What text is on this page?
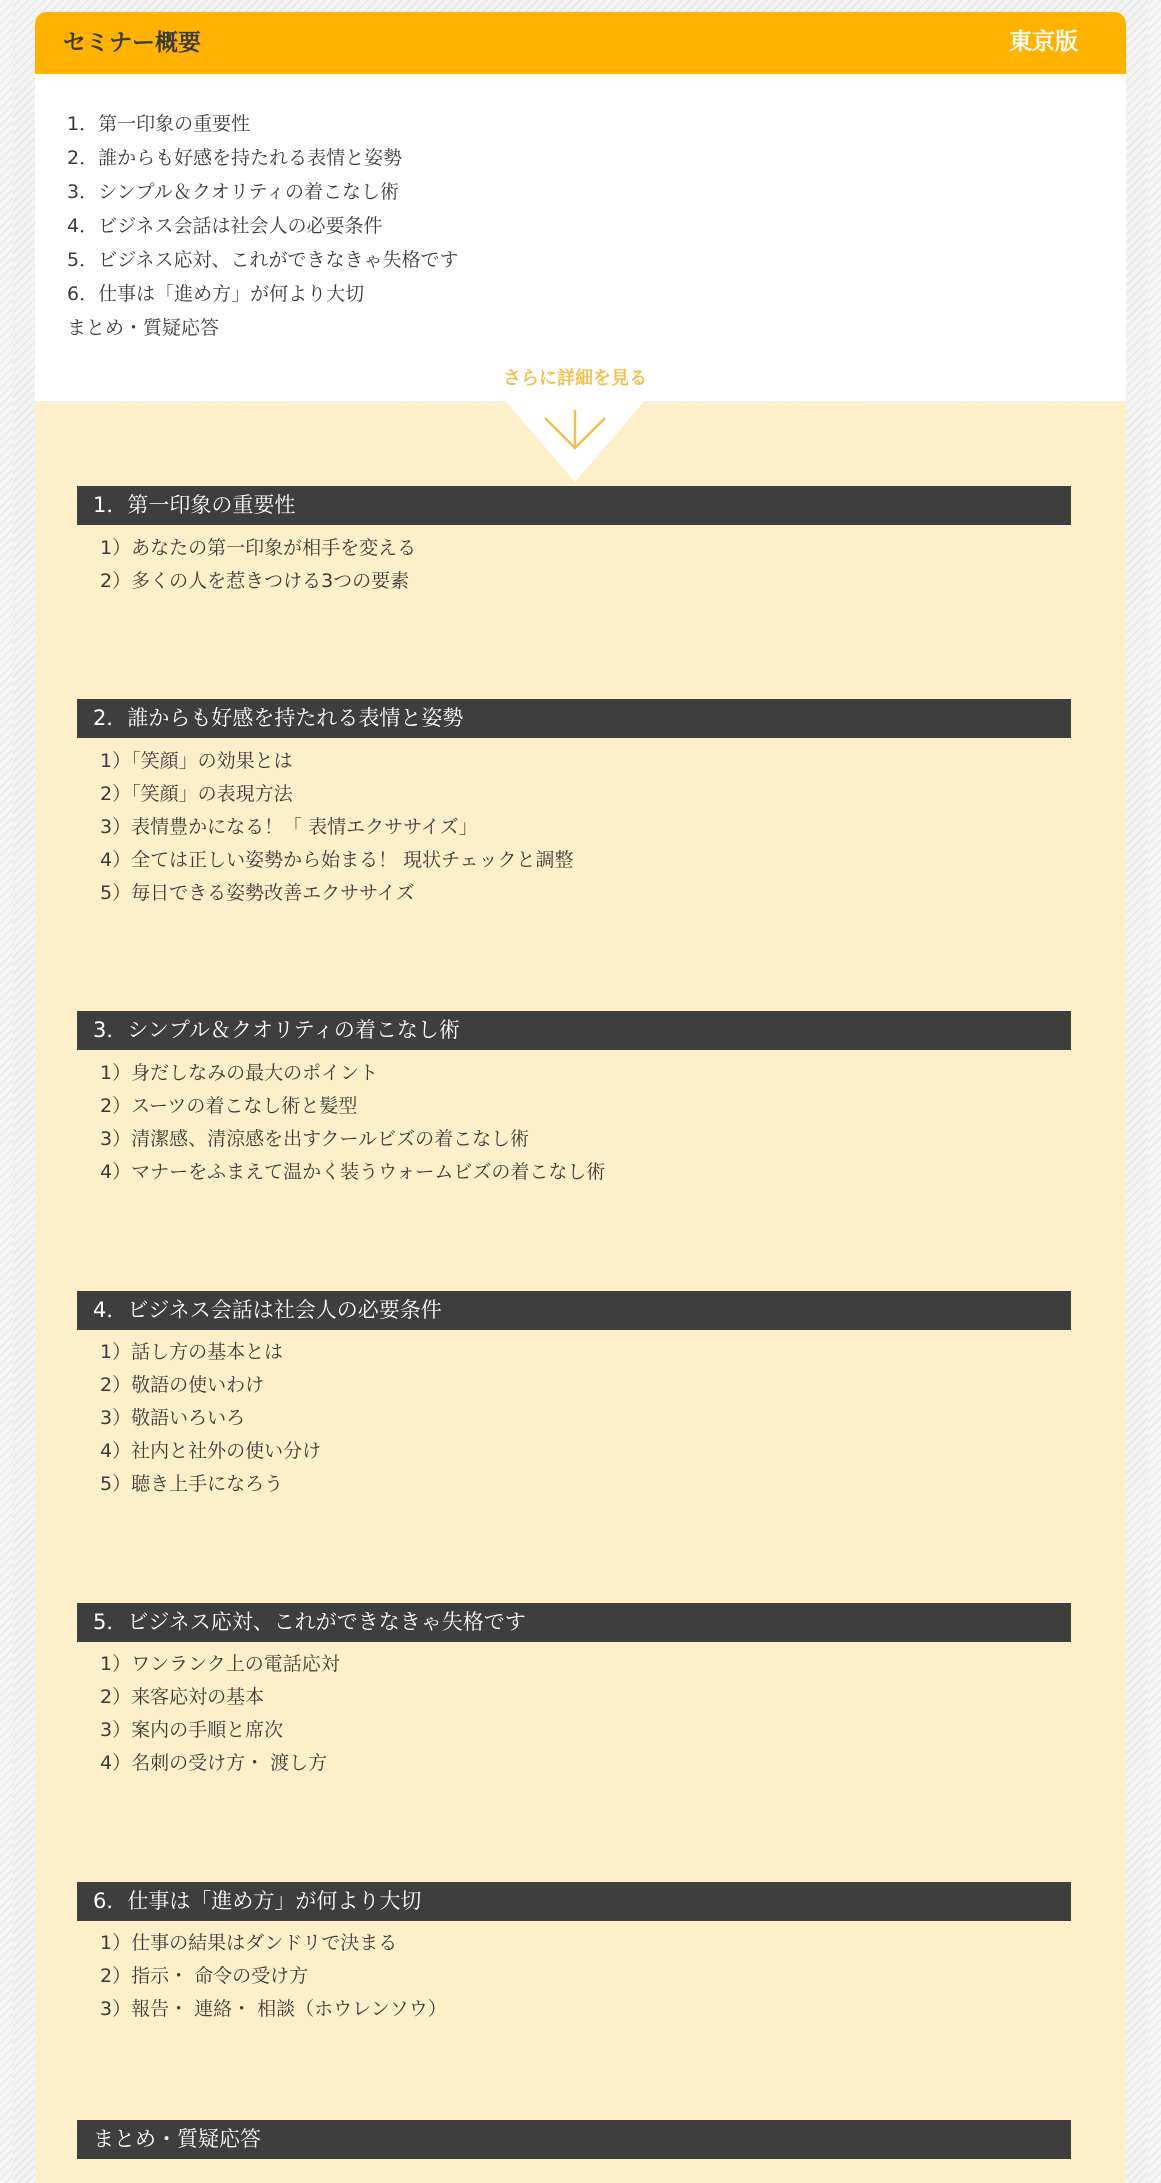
セミナー概要	東京版
1．第一印象の重要性
2．誰からも好感を持たれる表情と姿勢
3．シンプル＆クオリティの着こなし術
4．ビジネス会話は社会人の必要条件
5．ビジネス応対、これができなきゃ失格です
6．仕事は「進め方」が何より大切
まとめ・質疑応答
さらに詳細を見る
1．第一印象の重要性
1）あなたの第一印象が相手を変える
2）多くの人を惹きつける3つの要素
2．誰からも好感を持たれる表情と姿勢
1）「笑顔」の効果とは
2）「笑顔」の表現方法
3）表情豊かになる！「 表情エクササイズ」
4）全ては正しい姿勢から始まる！ 現状チェックと調整
5）毎日できる姿勢改善エクササイズ
3．シンプル＆クオリティの着こなし術
1）身だしなみの最大のポイント
2）スーツの着こなし術と髪型
3）清潔感、清涼感を出すクールビズの着こなし術
4）マナーをふまえて温かく装うウォームビズの着こなし術
4．ビジネス会話は社会人の必要条件
1）話し方の基本とは
2）敬語の使いわけ
3）敬語いろいろ
4）社内と社外の使い分け
5）聴き上手になろう
5．ビジネス応対、これができなきゃ失格です
1）ワンランク上の電話応対
2）来客応対の基本
3）案内の手順と席次
4）名刺の受け方・ 渡し方
6．仕事は「進め方」が何より大切
1）仕事の結果はダンドリで決まる
2）指示・ 命令の受け方
3）報告・ 連絡・ 相談（ホウレンソウ）
まとめ・質疑応答
